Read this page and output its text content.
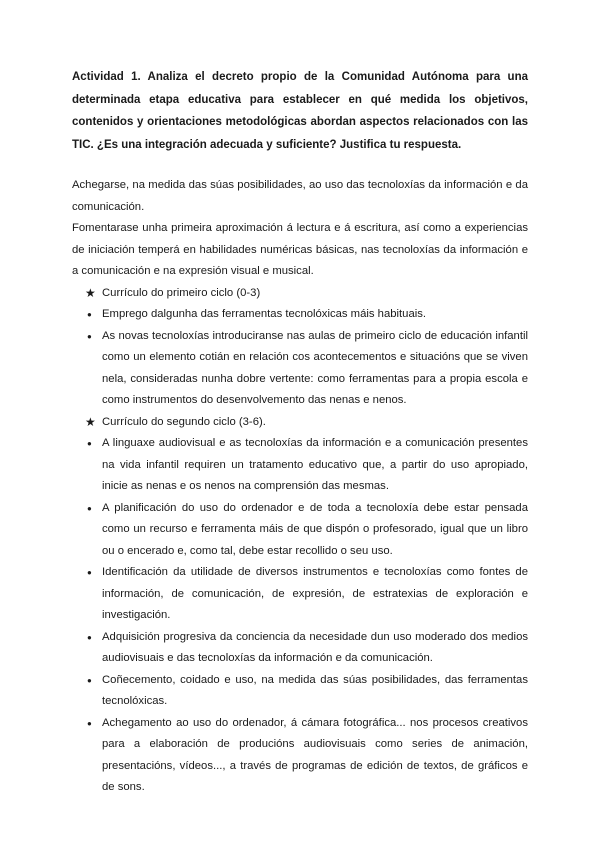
Actividad 1. Analiza el decreto propio de la Comunidad Autónoma para una determinada etapa educativa para establecer en qué medida los objetivos, contenidos y orientaciones metodológicas abordan aspectos relacionados con las TIC. ¿Es una integración adecuada y suficiente? Justifica tu respuesta.

Achegarse, na medida das súas posibilidades, ao uso das tecnoloxías da información e da comunicación.

Fomentarase unha primeira aproximación á lectura e á escritura, así como a experiencias de iniciación temperá en habilidades numéricas básicas, nas tecnoloxías da información e a comunicación e na expresión visual e musical.

★ Currículo do primeiro ciclo (0-3)
● Emprego dalgunha das ferramentas tecnolóxicas máis habituais.
● As novas tecnoloxías introduciranse nas aulas de primeiro ciclo de educación infantil como un elemento cotián en relación cos acontecementos e situacións que se viven nela, consideradas nunha dobre vertente: como ferramentas para a propia escola e como instrumentos do desenvolvemento das nenas e nenos.
★ Currículo do segundo ciclo (3-6).
● A linguaxe audiovisual e as tecnoloxías da información e a comunicación presentes na vida infantil requiren un tratamento educativo que, a partir do uso apropiado, inicie as nenas e os nenos na comprensión das mesmas.
● A planificación do uso do ordenador e de toda a tecnoloxía debe estar pensada como un recurso e ferramenta máis de que dispón o profesorado, igual que un libro ou o encerado e, como tal, debe estar recollido o seu uso.
● Identificación da utilidade de diversos instrumentos e tecnoloxías como fontes de información, de comunicación, de expresión, de estratexias de exploración e investigación.
● Adquisición progresiva da conciencia da necesidade dun uso moderado dos medios audiovisuais e das tecnoloxías da información e da comunicación.
● Coñecemento, coidado e uso, na medida das súas posibilidades, das ferramentas tecnolóxicas.
● Achegamento ao uso do ordenador, á cámara fotográfica... nos procesos creativos para a elaboración de producións audiovisuais como series de animación, presentacións, vídeos..., a través de programas de edición de textos, de gráficos e de sons.
